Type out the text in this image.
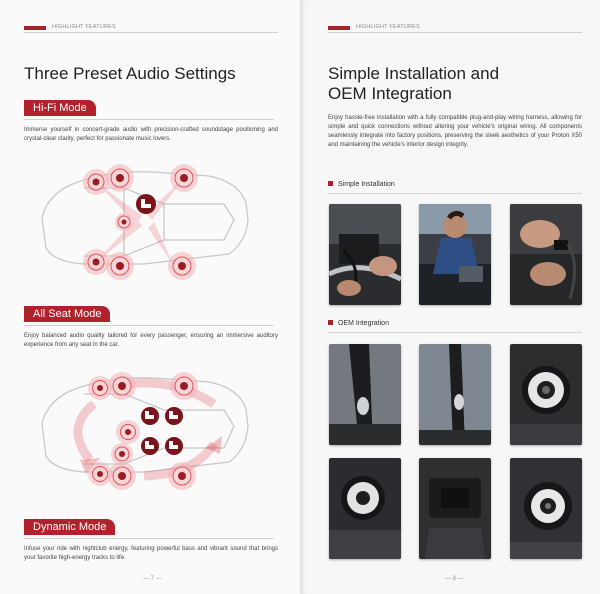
HIGHLIGHT FEATURES
Three Preset Audio Settings
Hi-Fi Mode
Immerse yourself in concert-grade audio with precision-crafted soundstage positioning and crystal-clear clarity, perfect for passionate music lovers.
All Seat Mode
Enjoy balanced audio quality tailored for every passenger, ensuring an immersive auditory experience from any seat in the car.
Dynamic Mode
Infuse your ride with nightclub energy, featuring powerful bass and vibrant sound that brings your favorite high-energy tracks to life.
— 7 —
HIGHLIGHT FEATURES
Simple Installation and
OEM Integration
Enjoy hassle-free installation with a fully compatible plug-and-play wiring harness, allowing for simple and quick connections without altering your vehicle's original wiring. All components seamlessly integrate into factory positions, preserving the sleek aesthetics of your Proton X50 and maintaining the vehicle's interior design integrity.
Simple Installation
OEM Integration
— 8 —
